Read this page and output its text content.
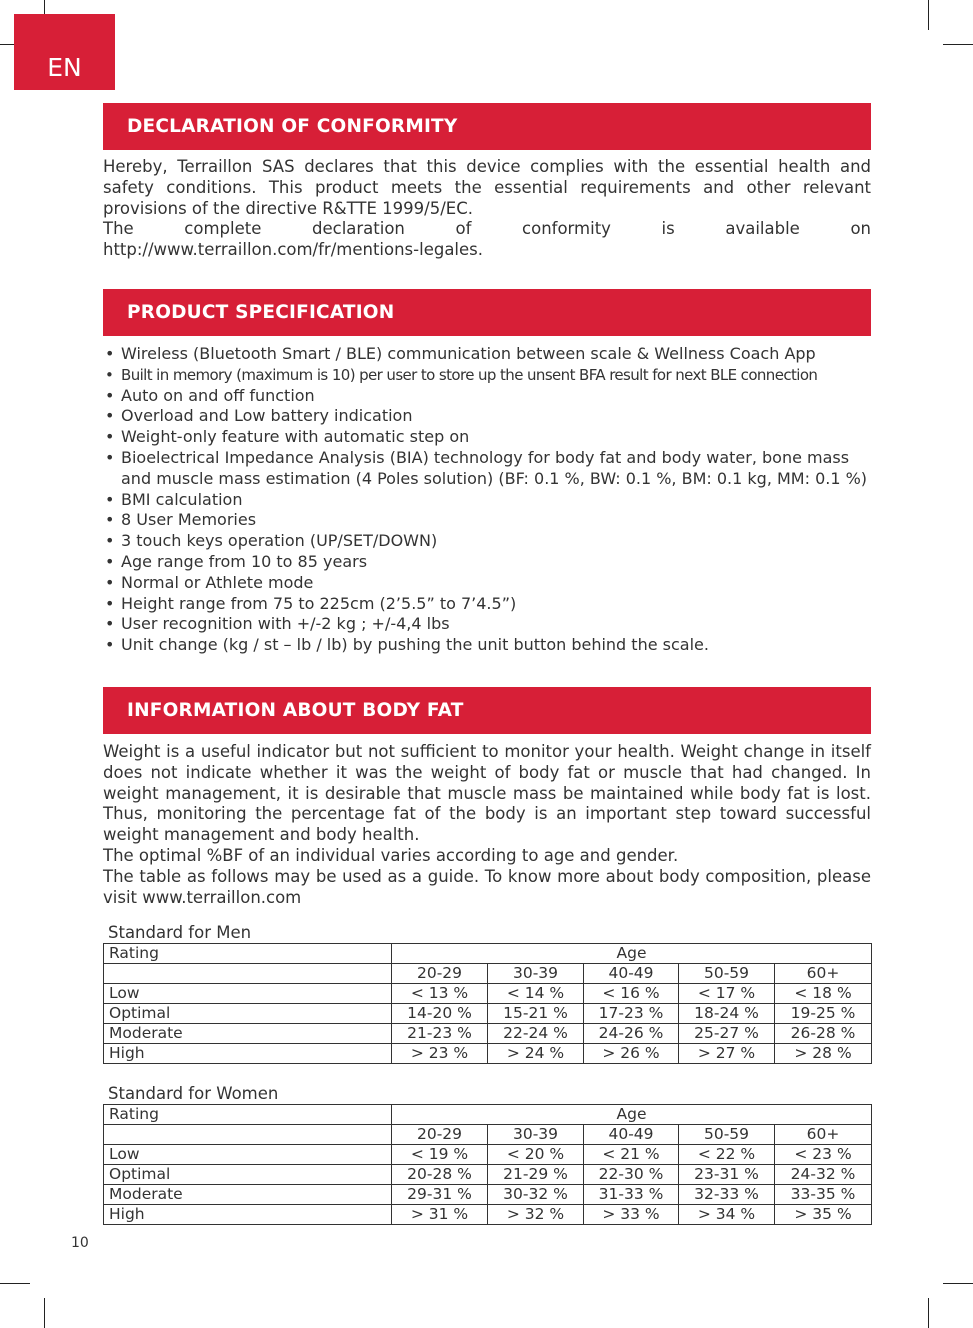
EN
DECLARATION OF CONFORMITY

Hereby, Terraillon SAS declares that this device complies with the essential health and safety conditions. This product meets the essential requirements and other relevant provisions of the directive R&TTE 1999/5/EC.

The complete declaration of conformity is available on http://www.terraillon.com/fr/mentions-legales.

PRODUCT SPECIFICATION
• Wireless (Bluetooth Smart / BLE) communication between scale & Wellness Coach App
• Built in memory (maximum is 10) per user to store up the unsent BFA result for next BLE connection
• Auto on and off function
• Overload and Low battery indication
• Weight-only feature with automatic step on
• Bioelectrical Impedance Analysis (BIA) technology for body fat and body water, bone mass and muscle mass estimation (4 Poles solution) (BF: 0.1 %, BW: 0.1 %, BM: 0.1 kg, MM: 0.1 %)
• BMI calculation
• 8 User Memories
• 3 touch keys operation (UP/SET/DOWN)
• Age range from 10 to 85 years
• Normal or Athlete mode
• Height range from 75 to 225cm (2’5.5” to 7’4.5”)
• User recognition with +/-2 kg ; +/-4,4 lbs
• Unit change (kg / st – lb / lb) by pushing the unit button behind the scale.
INFORMATION ABOUT BODY FAT

Weight is a useful indicator but not sufficient to monitor your health. Weight change in itself does not indicate whether it was the weight of body fat or muscle that had changed. In weight management, it is desirable that muscle mass be maintained while body fat is lost. Thus, monitoring the percentage fat of the body is an important step toward successful weight management and body health.

The optimal %BF of an individual varies according to age and gender.

The table as follows may be used as a guide. To know more about body composition, please visit www.terraillon.com

Standard for Men
Rating	Age				
	20-29	30-39	40-49	50-59	60+
Low	< 13 %	< 14 %	< 16 %	< 17 %	< 18 %
Optimal	14-20 %	15-21 %	17-23 %	18-24 %	19-25 %
Moderate	21-23 %	22-24 %	24-26 %	25-27 %	26-28 %
High	> 23 %	> 24 %	> 26 %	> 27 %	> 28 %
Standard for Women
Rating	Age				
	20-29	30-39	40-49	50-59	60+
Low	< 19 %	< 20 %	< 21 %	< 22 %	< 23 %
Optimal	20-28 %	21-29 %	22-30 %	23-31 %	24-32 %
Moderate	29-31 %	30-32 %	31-33 %	32-33 %	33-35 %
High	> 31 %	> 32 %	> 33 %	> 34 %	> 35 %
10
